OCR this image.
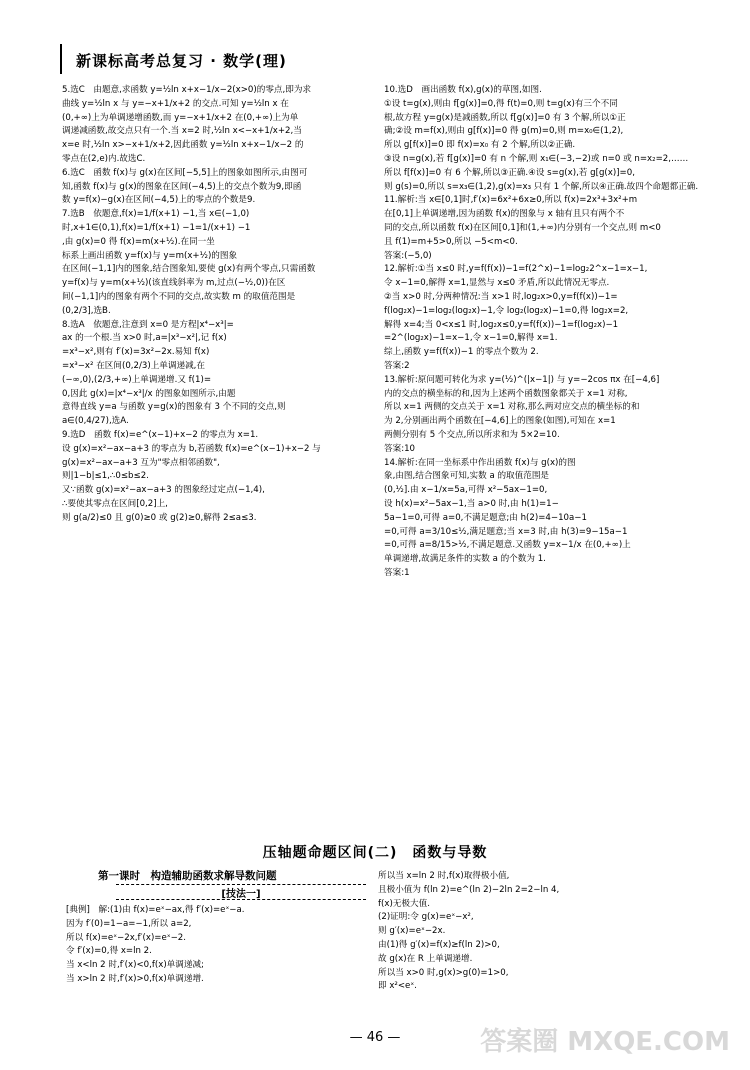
新课标高考总复习 · 数学(理)
5.选C　由题意,求函数 y=½ln x+x−1/x−2(x>0)的零点,即为求
曲线 y=½ln x 与 y=−x+1/x+2 的交点.可知 y=½ln x 在
(0,+∞)上为单调递增函数,而 y=−x+1/x+2 在(0,+∞)上为单
调递减函数,故交点只有一个.当 x=2 时,½ln x<−x+1/x+2,当
x=e 时,½ln x>−x+1/x+2,因此函数 y=½ln x+x−1/x−2 的
零点在(2,e)内.故选C.
6.选C　函数 f(x)与 g(x)在区间[−5,5]上的图象如图所示,由图可
知,函数 f(x)与 g(x)的图象在区间(−4,5)上的交点个数为9,即函
数 y=f(x)−g(x)在区间(−4,5)上的零点的个数是9.
7.选B　依题意,f(x)=1/f(x+1) −1,当 x∈(−1,0)
时,x+1∈(0,1),f(x)=1/f(x+1) −1=1/(x+1) −1
,由 g(x)=0 得 f(x)=m(x+½).在同一坐
标系上画出函数 y=f(x)与 y=m(x+½)的图象
在区间(−1,1]内的图象,结合图象知,要使 g(x)有两个零点,只需函数
y=f(x)与 y=m(x+½)(该直线斜率为 m,过点(−½,0))在区
间(−1,1]内的图象有两个不同的交点,故实数 m 的取值范围是
(0,2/3],选B.
8.选A　依题意,注意到 x=0 是方程|x⁴−x³|=
ax 的一个根.当 x>0 时,a=|x³−x²|,记 f(x)
=x³−x²,则有 f′(x)=3x²−2x.易知 f(x)
=x³−x² 在区间(0,2/3)上单调递减,在
(−∞,0),(2/3,+∞)上单调递增.又 f(1)=
0,因此 g(x)=|x⁴−x³|/x 的图象如图所示,由题
意得直线 y=a 与函数 y=g(x)的图象有 3 个不同的交点,则
a∈(0,4/27),选A.
9.选D　函数 f(x)=e^(x−1)+x−2 的零点为 x=1.
设 g(x)=x²−ax−a+3 的零点为 b,若函数 f(x)=e^(x−1)+x−2 与
g(x)=x²−ax−a+3 互为"零点相邻函数",
则|1−b|≤1,∴0≤b≤2.
又∵函数 g(x)=x²−ax−a+3 的图象经过定点(−1,4),
∴要使其零点在区间[0,2]上,
则 g(a/2)≤0 且 g(0)≥0 或 g(2)≥0,解得 2≤a≤3.
10.选D　画出函数 f(x),g(x)的草图,如图.
①设 t=g(x),则由 f[g(x)]=0,得 f(t)=0,则 t=g(x)有三个不同
根,故方程 y=g(x)是减函数,所以 f[g(x)]=0 有 3 个解,所以①正
确;②设 m=f(x),则由 g[f(x)]=0 得 g(m)=0,则 m=x₀∈(1,2),
所以 g[f(x)]=0 即 f(x)=x₀ 有 2 个解,所以②正确.
③设 n=g(x),若 f[g(x)]=0 有 n 个解,则 x₁∈(−3,−2)或 n=0 或 n=x₂=2,……
所以 f[f(x)]=0 有 6 个解,所以③正确.④设 s=g(x),若 g[g(x)]=0,
则 g(s)=0,所以 s=x₃∈(1,2),g(x)=x₃ 只有 1 个解,所以④正确.故四个命题都正确.
11.解析:当 x∈[0,1]时,f′(x)=6x²+6x≥0,所以 f(x)=2x³+3x²+m
在[0,1]上单调递增,因为函数 f(x)的图象与 x 轴有且只有两个不
同的交点,所以函数 f(x)在区间[0,1]和(1,+∞)内分别有一个交点,则 m<0
且 f(1)=m+5>0,所以 −5<m<0.
答案:(−5,0)
12.解析:①当 x≤0 时,y=f(f(x))−1=f(2^x)−1=log₂2^x−1=x−1,
令 x−1=0,解得 x=1,显然与 x≤0 矛盾,所以此情况无零点.
②当 x>0 时,分两种情况:当 x>1 时,log₂x>0,y=f(f(x))−1=
f(log₂x)−1=log₂(log₂x)−1,令 log₂(log₂x)−1=0,得 log₂x=2,
解得 x=4;当 0<x≤1 时,log₂x≤0,y=f(f(x))−1=f(log₂x)−1
=2^(log₂x)−1=x−1,令 x−1=0,解得 x=1.
综上,函数 y=f(f(x))−1 的零点个数为 2.
答案:2
13.解析:原问题可转化为求 y=(½)^(|x−1|) 与 y=−2cos πx 在[−4,6]
内的交点的横坐标的和,因为上述两个函数图象都关于 x=1 对称,
所以 x=1 两侧的交点关于 x=1 对称,那么两对应交点的横坐标的和
为 2,分别画出两个函数在[−4,6]上的图象(如图),可知在 x=1
两侧分别有 5 个交点,所以所求和为 5×2=10.
答案:10
14.解析:在同一坐标系中作出函数 f(x)与 g(x)的图
象,由图,结合图象可知,实数 a 的取值范围是
(0,½].由 x−1/x=5a,可得 x²−5ax−1=0,
设 h(x)=x²−5ax−1,当 a>0 时,由 h(1)=1−
5a−1=0,可得 a=0,不满足题意;由 h(2)=4−10a−1
=0,可得 a=3/10≤½,满足题意;当 x=3 时,由 h(3)=9−15a−1
=0,可得 a=8/15>½,不满足题意.又函数 y=x−1/x 在(0,+∞)上
单调递增,故满足条件的实数 a 的个数为 1.
答案:1
压轴题命题区间(二)　函数与导数
第一课时　构造辅助函数求解导数问题
[技法一]
[典例]　解:(1)由 f(x)=eˣ−ax,得 f′(x)=eˣ−a.
因为 f′(0)=1−a=−1,所以 a=2,
所以 f(x)=eˣ−2x,f′(x)=eˣ−2.
令 f′(x)=0,得 x=ln 2.
当 x<ln 2 时,f′(x)<0,f(x)单调递减;
当 x>ln 2 时,f′(x)>0,f(x)单调递增.
所以当 x=ln 2 时,f(x)取得极小值,
且极小值为 f(ln 2)=e^(ln 2)−2ln 2=2−ln 4,
f(x)无极大值.
(2)证明:令 g(x)=eˣ−x²,
则 g′(x)=eˣ−2x.
由(1)得 g′(x)=f(x)≥f(ln 2)>0,
故 g(x)在 R 上单调递增.
所以当 x>0 时,g(x)>g(0)=1>0,
即 x²<eˣ.
— 46 —	答案圈 MXQE.COM
